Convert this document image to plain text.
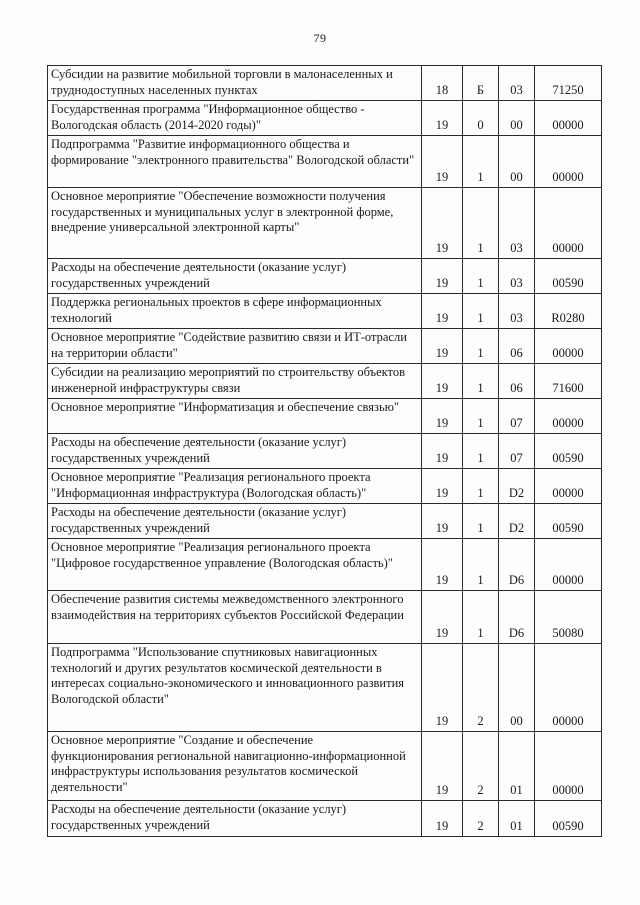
79
Субсидии на развитие мобильной торговли в малонаселенных и труднодоступных населенных пунктах	18	Б	03	71250
Государственная программа "Информационное общество - Вологодская область (2014-2020 годы)"	19	0	00	00000
Подпрограмма "Развитие информационного общества и формирование "электронного правительства" Вологодской области"	19	1	00	00000
Основное мероприятие "Обеспечение возможности получения государственных и муниципальных услуг в электронной форме, внедрение универсальной электронной карты"	19	1	03	00000
Расходы на обеспечение деятельности (оказание услуг) государственных учреждений	19	1	03	00590
Поддержка региональных проектов в сфере информационных технологий	19	1	03	R0280
Основное мероприятие "Содействие развитию связи и ИТ-отрасли на территории области"	19	1	06	00000
Субсидии на реализацию мероприятий по строительству объектов инженерной инфраструктуры связи	19	1	06	71600
Основное мероприятие "Информатизация и обеспечение связью"	19	1	07	00000
Расходы на обеспечение деятельности (оказание услуг) государственных учреждений	19	1	07	00590
Основное мероприятие "Реализация регионального проекта "Информационная инфраструктура (Вологодская область)"	19	1	D2	00000
Расходы на обеспечение деятельности (оказание услуг) государственных учреждений	19	1	D2	00590
Основное мероприятие "Реализация регионального проекта "Цифровое государственное управление (Вологодская область)"	19	1	D6	00000
Обеспечение развития системы межведомственного электронного взаимодействия на территориях субъектов Российской Федерации	19	1	D6	50080
Подпрограмма "Использование спутниковых навигационных технологий и других результатов космической деятельности в интересах социально-экономического и инновационного развития Вологодской области"	19	2	00	00000
Основное мероприятие "Создание и обеспечение функционирования региональной навигационно-информационной инфраструктуры использования результатов космической деятельности"	19	2	01	00000
Расходы на обеспечение деятельности (оказание услуг) государственных учреждений	19	2	01	00590
